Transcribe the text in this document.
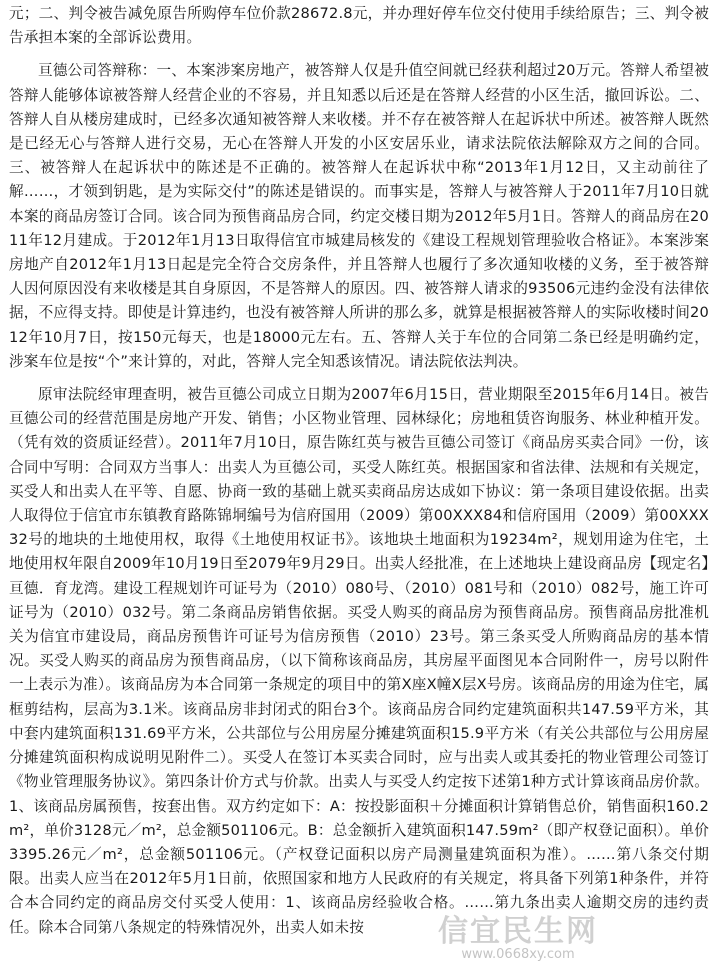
元；二、判令被告减免原告所购停车位价款28672.8元，并办理好停车位交付使用手续给原告；三、判令被告承担本案的全部诉讼费用。

亘德公司答辩称：一、本案涉案房地产，被答辩人仅是升值空间就已经获利超过20万元。答辩人希望被答辩人能够体谅被答辩人经营企业的不容易，并且知悉以后还是在答辩人经营的小区生活，撤回诉讼。二、答辩人自从楼房建成时，已经多次通知被答辩人来收楼。并不存在被答辩人在起诉状中所述。被答辩人既然是已经无心与答辩人进行交易，无心在答辩人开发的小区安居乐业，请求法院依法解除双方之间的合同。三、被答辩人在起诉状中的陈述是不正确的。被答辩人在起诉状中称“2013年1月12日，又主动前往了解……，才领到钥匙，是为实际交付”的陈述是错误的。而事实是，答辩人与被答辩人于2011年7月10日就本案的商品房签订合同。该合同为预售商品房合同，约定交楼日期为2012年5月1日。答辩人的商品房在2011年12月建成。于2012年1月13日取得信宜市城建局核发的《建设工程规划管理验收合格证》。本案涉案房地产自2012年1月13日起是完全符合交房条件，并且答辩人也履行了多次通知收楼的义务，至于被答辩人因何原因没有来收楼是其自身原因，不是答辩人的原因。四、被答辩人请求的93506元违约金没有法律依据，不应得支持。即使是计算违约，也没有被答辩人所讲的那么多，就算是根据被答辩人的实际收楼时间2012年10月7日，按150元每天，也是18000元左右。五、答辩人关于车位的合同第二条已经是明确约定，涉案车位是按“个”来计算的，对此，答辩人完全知悉该情况。请法院依法判决。

原审法院经审理查明，被告亘德公司成立日期为2007年6月15日，营业期限至2015年6月14日。被告亘德公司的经营范围是房地产开发、销售；小区物业管理、园林绿化；房地租赁咨询服务、林业种植开发。（凭有效的资质证经营）。2011年7月10日，原告陈红英与被告亘德公司签订《商品房买卖合同》一份，该合同中写明：合同双方当事人：出卖人为亘德公司，买受人陈红英。根据国家和省法律、法规和有关规定，买受人和出卖人在平等、自愿、协商一致的基础上就买卖商品房达成如下协议：第一条项目建设依据。出卖人取得位于信宜市东镇教育路陈锦垌编号为信府国用（2009）第00XXX84和信府国用（2009）第00XXX32号的地块的土地使用权，取得《土地使用权证书》。该地块土地面积为19234m²，规划用途为住宅，土地使用权年限自2009年10月19日至2079年9月29日。出卖人经批准，在上述地块上建设商品房【现定名】亘德．育龙湾。建设工程规划许可证号为（2010）080号、（2010）081号和（2010）082号，施工许可证号为（2010）032号。第二条商品房销售依据。买受人购买的商品房为预售商品房。预售商品房批准机关为信宜市建设局，商品房预售许可证号为信房预售（2010）23号。第三条买受人所购商品房的基本情况。买受人购买的商品房为预售商品房，（以下简称该商品房，其房屋平面图见本合同附件一，房号以附件一上表示为准）。该商品房为本合同第一条规定的项目中的第X座X幢X层X号房。该商品房的用途为住宅，属框剪结构，层高为3.1米。该商品房非封闭式的阳台3个。该商品房合同约定建筑面积共147.59平方米，其中套内建筑面积131.69平方米，公共部位与公用房屋分摊建筑面积15.9平方米（有关公共部位与公用房屋分摊建筑面积构成说明见附件二）。买受人在签订本买卖合同时，应与出卖人或其委托的物业管理公司签订《物业管理服务协议》。第四条计价方式与价款。出卖人与买受人约定按下述第1种方式计算该商品房价款。1、该商品房属预售，按套出售。双方约定如下：A：按投影面积＋分摊面积计算销售总价，销售面积160.2m²，单价3128元／m²，总金额501106元。B：总金额折入建筑面积147.59m²（即产权登记面积）。单价3395.26元／m²，总金额501106元。（产权登记面积以房产局测量建筑面积为准）。……第八条交付期限。出卖人应当在2012年5月1日前，依照国家和地方人民政府的有关规定，将具备下列第1种条件，并符合本合同约定的商品房交付买受人使用：1、该商品房经验收合格。……第九条出卖人逾期交房的违约责任。除本合同第八条规定的特殊情况外，出卖人如未按	信宜民生网
www.0668xy.com
